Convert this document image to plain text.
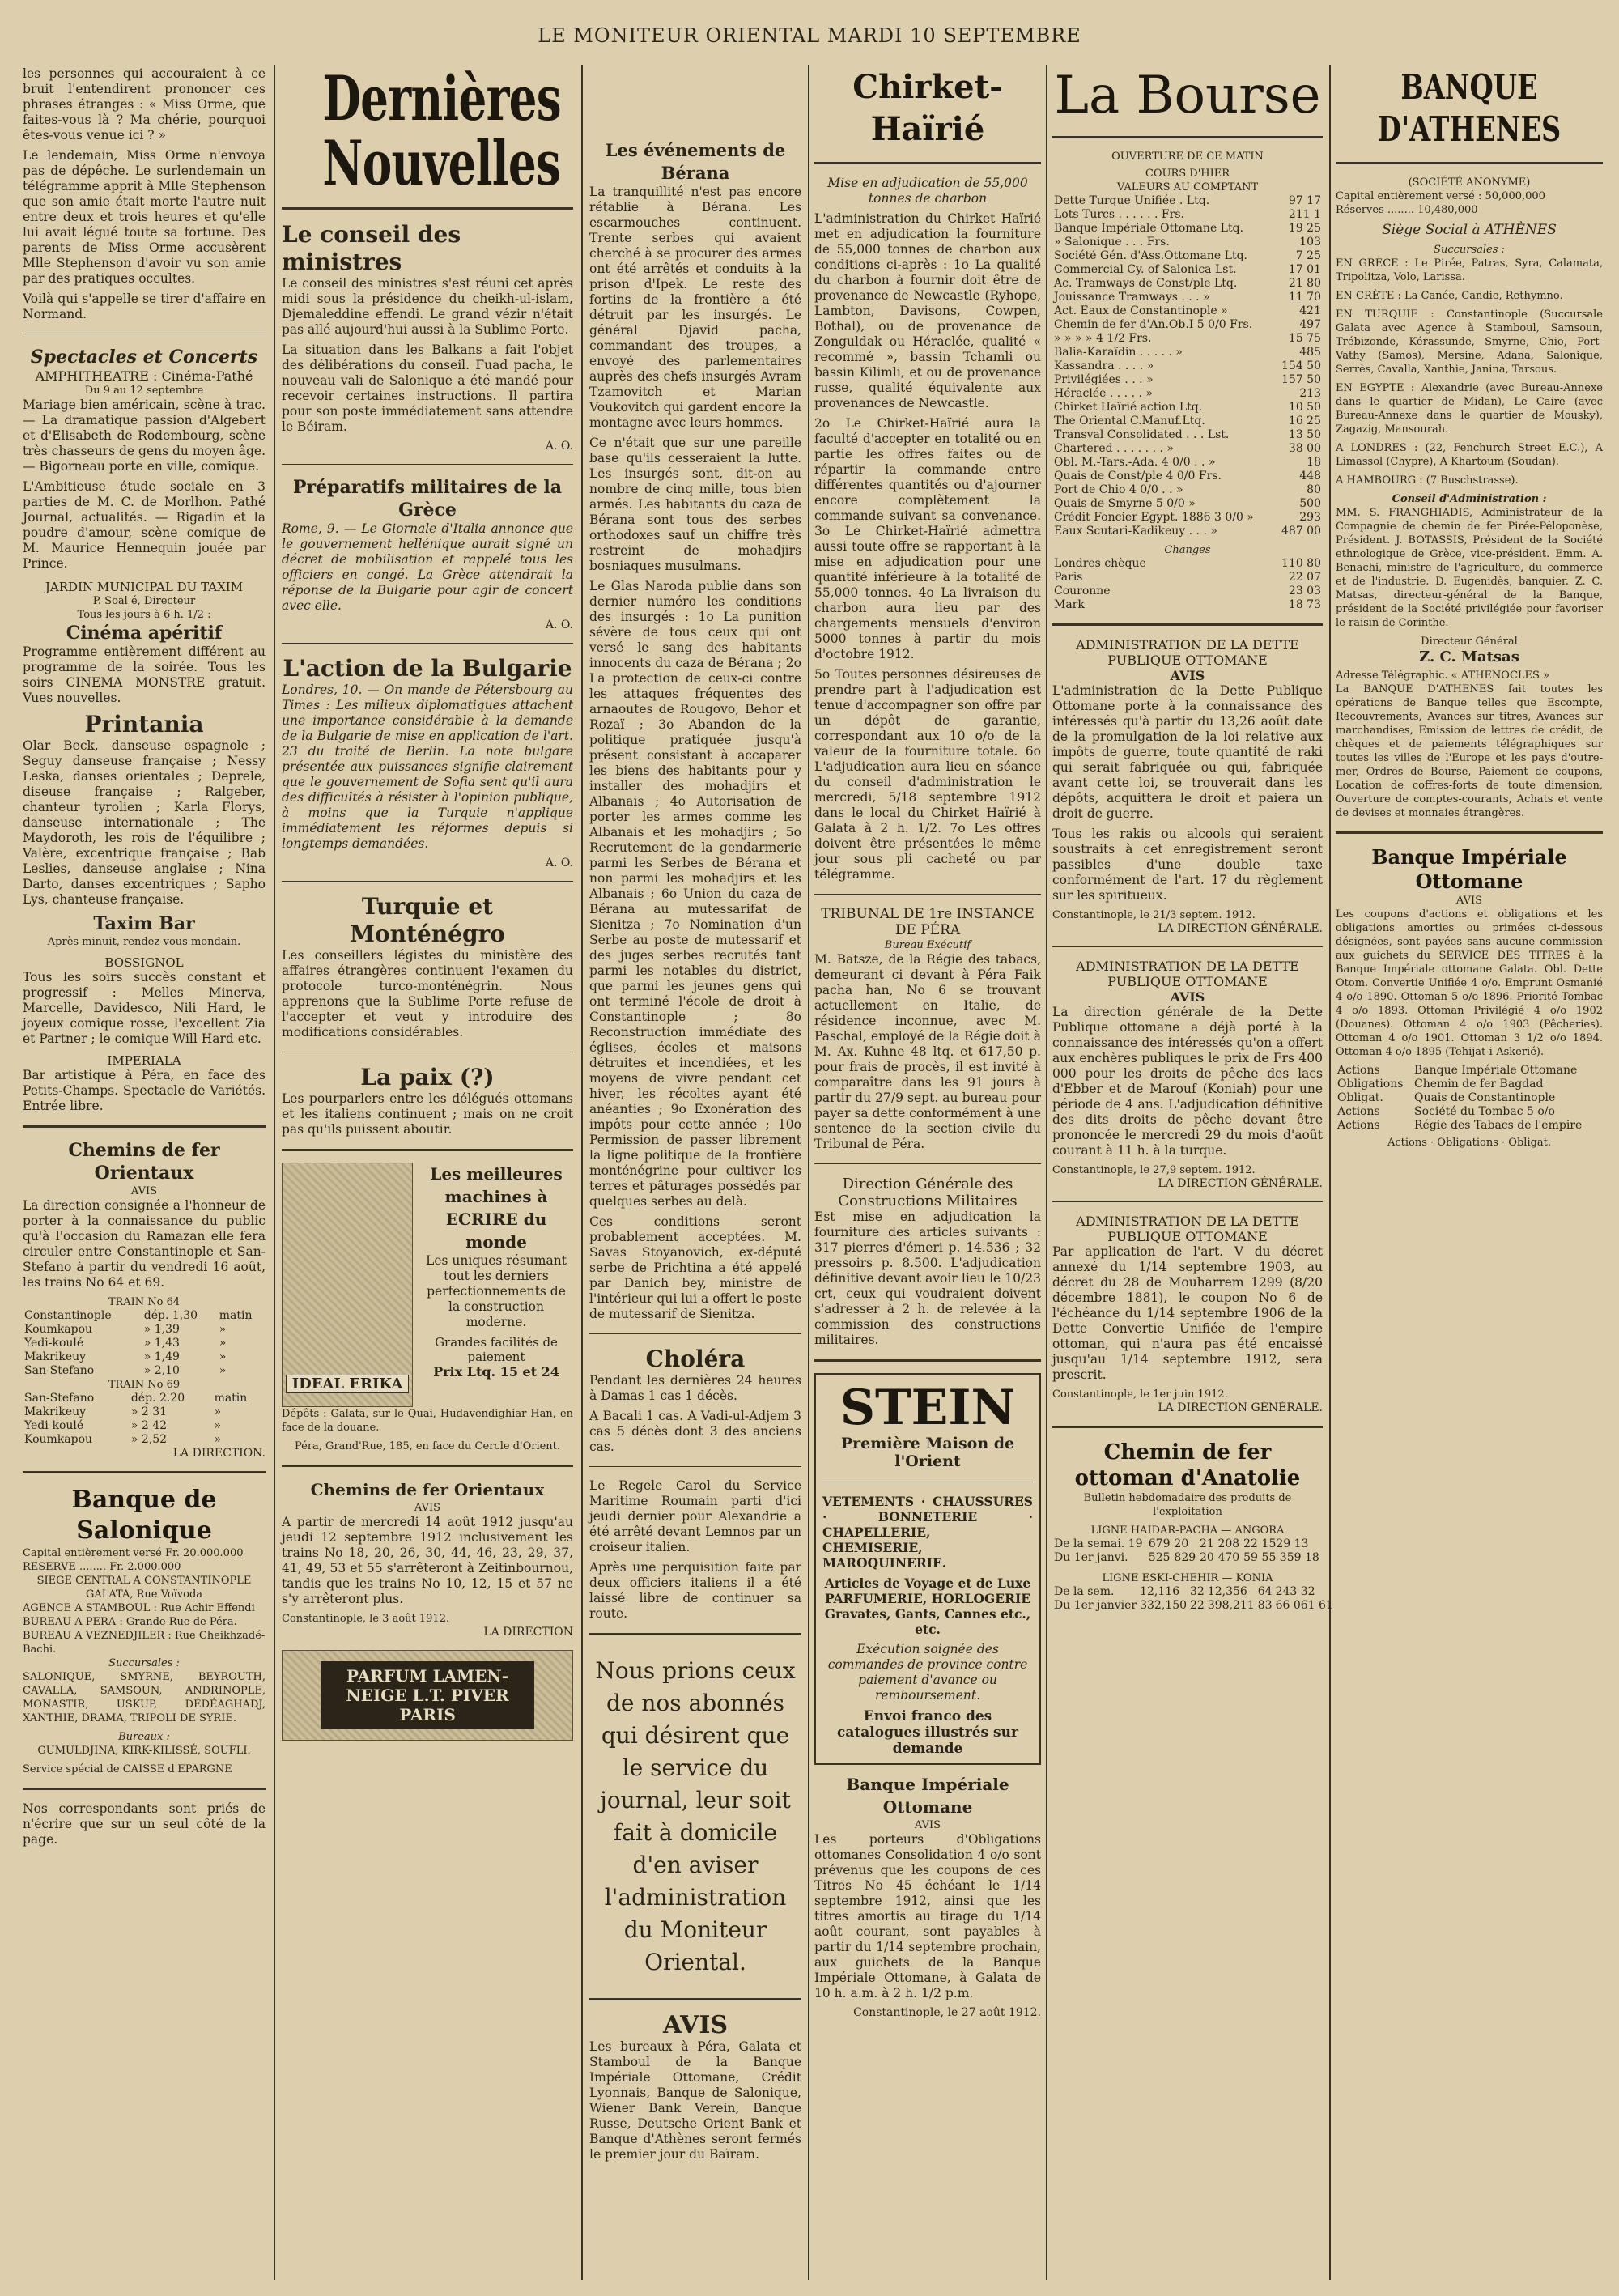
LE MONITEUR ORIENTAL MARDI 10 SEPTEMBRE

les personnes qui accouraient à ce bruit l'entendirent prononcer ces phrases étranges : « Miss Orme, que faites-vous là ? Ma chérie, pourquoi êtes-vous venue ici ? »

Le lendemain, Miss Orme n'envoya pas de dépêche. Le surlendemain un télégramme apprit à Mlle Stephenson que son amie était morte l'autre nuit entre deux et trois heures et qu'elle lui avait légué toute sa fortune. Des parents de Miss Orme accusèrent Mlle Stephenson d'avoir vu son amie par des pratiques occultes.

Voilà qui s'appelle se tirer d'affaire en Normand.

Spectacles et Concerts
AMPHITHEATRE : Cinéma-Pathé
Du 9 au 12 septembre

Mariage bien américain, scène à trac. — La dramatique passion d'Algebert et d'Elisabeth de Rodembourg, scène très chasseurs de gens du moyen âge. — Bigorneau porte en ville, comique.

L'Ambitieuse étude sociale en 3 parties de M. C. de Morlhon. Pathé Journal, actualités. — Rigadin et la poudre d'amour, scène comique de M. Maurice Hennequin jouée par Prince.

JARDIN MUNICIPAL DU TAXIM
P. Soal é, Directeur
Tous les jours à 6 h. 1/2 :
Cinéma apéritif

Programme entièrement différent au programme de la soirée. Tous les soirs CINEMA MONSTRE gratuit. Vues nouvelles.

Printania

Olar Beck, danseuse espagnole ; Seguy danseuse française ; Nessy Leska, danses orientales ; Deprele, diseuse française ; Ralgeber, chanteur tyrolien ; Karla Florys, danseuse internationale ; The Maydoroth, les rois de l'équilibre ; Valère, excentrique française ; Bab Leslies, danseuse anglaise ; Nina Darto, danses excentriques ; Sapho Lys, chanteuse française.

Taxim Bar
Après minuit, rendez-vous mondain.
BOSSIGNOL

Tous les soirs succès constant et progressif : Melles Minerva, Marcelle, Davidesco, Nili Hard, le joyeux comique rosse, l'excellent Zia et Partner ; le comique Will Hard etc.

IMPERIALA

Bar artistique à Péra, en face des Petits-Champs. Spectacle de Variétés. Entrée libre.

Chemins de fer Orientaux
AVIS

La direction consignée a l'honneur de porter à la connaissance du public qu'à l'occasion du Ramazan elle fera circuler entre Constantinople et San-Stefano à partir du vendredi 16 août, les trains No 64 et 69.

TRAIN No 64
Constantinople	dép. 1,30	matin
Koumkapou	» 1,39	»
Yedi-koulé	» 1,43	»
Makrikeuy	» 1,49	»
San-Stefano	» 2,10	»
TRAIN No 69
San-Stefano	dép. 2.20	matin
Makrikeuy	» 2 31	»
Yedi-koulé	» 2 42	»
Koumkapou	» 2,52	»
LA DIRECTION.
Banque de Salonique
Capital entièrement versé Fr. 20.000.000
RESERVE ........ Fr. 2.000.000
SIEGE CENTRAL A CONSTANTINOPLE
GALATA, Rue Voïvoda
AGENCE A STAMBOUL : Rue Achir Effendi
BUREAU A PERA : Grande Rue de Péra.
BUREAU A VEZNEDJILER : Rue Cheikhzadé-Bachi.
Succursales :

SALONIQUE, SMYRNE, BEYROUTH, CAVALLA, SAMSOUN, ANDRINOPLE, MONASTIR, USKUP, DÉDÉAGHADJ, XANTHIE, DRAMA, TRIPOLI DE SYRIE.

Bureaux :
GUMULDJINA, KIRK-KILISSÉ, SOUFLI.
Service spécial de CAISSE d'EPARGNE

Nos correspondants sont priés de n'écrire que sur un seul côté de la page.

Dernières Nouvelles
Le conseil des ministres

Le conseil des ministres s'est réuni cet après midi sous la présidence du cheikh-ul-islam, Djemaleddine effendi. Le grand vézir n'était pas allé aujourd'hui aussi à la Sublime Porte.

La situation dans les Balkans a fait l'objet des délibérations du conseil. Fuad pacha, le nouveau vali de Salonique a été mandé pour recevoir certaines instructions. Il partira pour son poste immédiatement sans attendre le Béiram.

A. O.
Préparatifs militaires de la Grèce

Rome, 9. — Le Giornale d'Italia annonce que le gouvernement hellénique aurait signé un décret de mobilisation et rappelé tous les officiers en congé. La Grèce attendrait la réponse de la Bulgarie pour agir de concert avec elle.

A. O.
L'action de la Bulgarie

Londres, 10. — On mande de Pétersbourg au Times : Les milieux diplomatiques attachent une importance considérable à la demande de la Bulgarie de mise en application de l'art. 23 du traité de Berlin. La note bulgare présentée aux puissances signifie clairement que le gouvernement de Sofia sent qu'il aura des difficultés à résister à l'opinion publique, à moins que la Turquie n'applique immédiatement les réformes depuis si longtemps demandées.

A. O.
Turquie et Monténégro

Les conseillers légistes du ministère des affaires étrangères continuent l'examen du protocole turco-monténégrin. Nous apprenons que la Sublime Porte refuse de l'accepter et veut y introduire des modifications considérables.

La paix (?)

Les pourparlers entre les délégués ottomans et les italiens continuent ; mais on ne croit pas qu'ils puissent aboutir.

IDEAL ERIKA
Les meilleures machines à ECRIRE du monde

Les uniques résumant tout les derniers perfectionnements de la construction moderne.

Grandes facilités de paiement
Prix Ltq. 15 et 24

Dépôts : Galata, sur le Quai, Hudavendighiar Han, en face de la douane.

Péra, Grand'Rue, 185, en face du Cercle d'Orient.

Chemins de fer Orientaux
AVIS

A partir de mercredi 14 août 1912 jusqu'au jeudi 12 septembre 1912 inclusivement les trains No 18, 20, 26, 30, 44, 46, 23, 29, 37, 41, 49, 53 et 55 s'arrêteront à Zeitinbournou, tandis que les trains No 10, 12, 15 et 57 ne s'y arrêteront plus.

Constantinople, le 3 août 1912.
LA DIRECTION
PARFUM LAMEN-NEIGE L.T. PIVER PARIS
Les événements de Bérana

La tranquillité n'est pas encore rétablie à Bérana. Les escarmouches continuent. Trente serbes qui avaient cherché à se procurer des armes ont été arrêtés et conduits à la prison d'Ipek. Le reste des fortins de la frontière a été détruit par les insurgés. Le général Djavid pacha, commandant des troupes, a envoyé des parlementaires auprès des chefs insurgés Avram Tzamovitch et Marian Voukovitch qui gardent encore la montagne avec leurs hommes.

Ce n'était que sur une pareille base qu'ils cesseraient la lutte. Les insurgés sont, dit-on au nombre de cinq mille, tous bien armés. Les habitants du caza de Bérana sont tous des serbes orthodoxes sauf un chiffre très restreint de mohadjirs bosniaques musulmans.

Le Glas Naroda publie dans son dernier numéro les conditions des insurgés : 1o La punition sévère de tous ceux qui ont versé le sang des habitants innocents du caza de Bérana ; 2o La protection de ceux-ci contre les attaques fréquentes des arnaoutes de Rougovo, Behor et Rozaï ; 3o Abandon de la politique pratiquée jusqu'à présent consistant à accaparer les biens des habitants pour y installer des mohadjirs et Albanais ; 4o Autorisation de porter les armes comme les Albanais et les mohadjirs ; 5o Recrutement de la gendarmerie parmi les Serbes de Bérana et non parmi les mohadjirs et les Albanais ; 6o Union du caza de Bérana au mutessarifat de Sienitza ; 7o Nomination d'un Serbe au poste de mutessarif et des juges serbes recrutés tant parmi les notables du district, que parmi les jeunes gens qui ont terminé l'école de droit à Constantinople ; 8o Reconstruction immédiate des églises, écoles et maisons détruites et incendiées, et les moyens de vivre pendant cet hiver, les récoltes ayant été anéanties ; 9o Exonération des impôts pour cette année ; 10o Permission de passer librement la ligne politique de la frontière monténégrine pour cultiver les terres et pâturages possédés par quelques serbes au delà.

Ces conditions seront probablement acceptées. M. Savas Stoyanovich, ex-député serbe de Prichtina a été appelé par Danich bey, ministre de l'intérieur qui lui a offert le poste de mutessarif de Sienitza.

Choléra

Pendant les dernières 24 heures à Damas 1 cas 1 décès.

A Bacali 1 cas. A Vadi-ul-Adjem 3 cas 5 décès dont 3 des anciens cas.

Le Regele Carol du Service Maritime Roumain parti d'ici jeudi dernier pour Alexandrie a été arrêté devant Lemnos par un croiseur italien.

Après une perquisition faite par deux officiers italiens il a été laissé libre de continuer sa route.

Nous prions ceux de nos abonnés qui désirent que le service du journal, leur soit fait à domicile d'en aviser l'administration du Moniteur Oriental.
AVIS

Les bureaux à Péra, Galata et Stamboul de la Banque Impériale Ottomane, Crédit Lyonnais, Banque de Salonique, Wiener Bank Verein, Banque Russe, Deutsche Orient Bank et Banque d'Athènes seront fermés le premier jour du Baïram.

Chirket- Haïrié

Mise en adjudication de 55,000 tonnes de charbon

L'administration du Chirket Haïrié met en adjudication la fourniture de 55,000 tonnes de charbon aux conditions ci-après : 1o La qualité du charbon à fournir doit être de provenance de Newcastle (Ryhope, Lambton, Davisons, Cowpen, Bothal), ou de provenance de Zonguldak ou Héraclée, qualité « recommé », bassin Tchamli ou bassin Kilimli, et ou de provenance russe, qualité équivalente aux provenances de Newcastle.

2o Le Chirket-Haïrié aura la faculté d'accepter en totalité ou en partie les offres faites ou de répartir la commande entre différentes quantités ou d'ajourner encore complètement la commande suivant sa convenance. 3o Le Chirket-Haïrié admettra aussi toute offre se rapportant à la mise en adjudication pour une quantité inférieure à la totalité de 55,000 tonnes. 4o La livraison du charbon aura lieu par des chargements mensuels d'environ 5000 tonnes à partir du mois d'octobre 1912.

5o Toutes personnes désireuses de prendre part à l'adjudication est tenue d'accompagner son offre par un dépôt de garantie, correspondant aux 10 o/o de la valeur de la fourniture totale. 6o L'adjudication aura lieu en séance du conseil d'administration le mercredi, 5/18 septembre 1912 dans le local du Chirket Haïrié à Galata à 2 h. 1/2. 7o Les offres doivent être présentées le même jour sous pli cacheté ou par télégramme.

TRIBUNAL DE 1re INSTANCE DE PÉRA
Bureau Exécutif

M. Batsze, de la Régie des tabacs, demeurant ci devant à Péra Faik pacha han, No 6 se trouvant actuellement en Italie, de résidence inconnue, avec M. Paschal, employé de la Régie doit à M. Ax. Kuhne 48 ltq. et 617,50 p. pour frais de procès, il est invité à comparaître dans les 91 jours à partir du 27/9 sept. au bureau pour payer sa dette conformément à une sentence de la section civile du Tribunal de Péra.

Direction Générale des Constructions Militaires

Est mise en adjudication la fourniture des articles suivants : 317 pierres d'émeri p. 14.536 ; 32 pressoirs p. 8.500. L'adjudication définitive devant avoir lieu le 10/23 crt, ceux qui voudraient doivent s'adresser à 2 h. de relevée à la commission des constructions militaires.

STEIN
Première Maison de l'Orient

VETEMENTS · CHAUSSURES · BONNETERIE · CHAPELLERIE, CHEMISERIE, MAROQUINERIE.

Articles de Voyage et de Luxe PARFUMERIE, HORLOGERIE Gravates, Gants, Cannes etc., etc.

Exécution soignée des commandes de province contre paiement d'avance ou remboursement.

Envoi franco des catalogues illustrés sur demande
Banque Impériale Ottomane
AVIS

Les porteurs d'Obligations ottomanes Consolidation 4 o/o sont prévenus que les coupons de ces Titres No 45 échéant le 1/14 septembre 1912, ainsi que les titres amortis au tirage du 1/14 août courant, sont payables à partir du 1/14 septembre prochain, aux guichets de la Banque Impériale Ottomane, à Galata de 10 h. a.m. à 2 h. 1/2 p.m.

Constantinople, le 27 août 1912.
La Bourse
OUVERTURE DE CE MATIN
COURS D'HIER
VALEURS AU COMPTANT
Dette Turque Unifiée . Ltq.	97 17
Lots Turcs . . . . . . Frs.	211 1
Banque Impériale Ottomane Ltq.	19 25
» Salonique . . . Frs.	103
Société Gén. d'Ass.Ottomane Ltq.	7 25
Commercial Cy. of Salonica Lst.	17 01
Ac. Tramways de Const/ple Ltq.	21 80
Jouissance Tramways . . . »	11 70
Act. Eaux de Constantinople »	421
Chemin de fer d'An.Ob.I 5 0/0 Frs.	497
» » » » 4 1/2 Frs.	15 75
Balia-Karaïdin . . . . . »	485
Kassandra . . . . »	154 50
Privilégiées . . . »	157 50
Héraclée . . . . . »	213
Chirket Haïrié action Ltq.	10 50
The Oriental C.Manuf.Ltq.	16 25
Transval Consolidated . . . Lst.	13 50
Chartered . . . . . . . »	38 00
Obl. M.-Tars.-Ada. 4 0/0 . . »	18
Quais de Const/ple 4 0/0 Frs.	448
Port de Chio 4 0/0 . . »	80
Quais de Smyrne 5 0/0 »	500
Crédit Foncier Egypt. 1886 3 0/0 »	293
Eaux Scutari-Kadikeuy . . . »	487 00
Changes
Londres chèque	110 80
Paris	22 07
Couronne	23 03
Mark	18 73
ADMINISTRATION DE LA DETTE PUBLIQUE OTTOMANE
AVIS

L'administration de la Dette Publique Ottomane porte à la connaissance des intéressés qu'à partir du 13,26 août date de la promulgation de la loi relative aux impôts de guerre, toute quantité de raki qui serait fabriquée ou qui, fabriquée avant cette loi, se trouverait dans les dépôts, acquittera le droit et paiera un droit de guerre.

Tous les rakis ou alcools qui seraient soustraits à cet enregistrement seront passibles d'une double taxe conformément de l'art. 17 du règlement sur les spiritueux.

Constantinople, le 21/3 septem. 1912.
LA DIRECTION GÉNÉRALE.
ADMINISTRATION DE LA DETTE PUBLIQUE OTTOMANE
AVIS

La direction générale de la Dette Publique ottomane a déjà porté à la connaissance des intéressés qu'on a offert aux enchères publiques le prix de Frs 400 000 pour les droits de pêche des lacs d'Ebber et de Marouf (Koniah) pour une période de 4 ans. L'adjudication définitive des dits droits de pêche devant être prononcée le mercredi 29 du mois d'août courant à 11 h. à la turque.

Constantinople, le 27,9 septem. 1912.
LA DIRECTION GÉNÉRALE.
ADMINISTRATION DE LA DETTE PUBLIQUE OTTOMANE

Par application de l'art. V du décret annexé du 1/14 septembre 1903, au décret du 28 de Mouharrem 1299 (8/20 décembre 1881), le coupon No 6 de l'échéance du 1/14 septembre 1906 de la Dette Convertie Unifiée de l'empire ottoman, qui n'aura pas été encaissé jusqu'au 1/14 septembre 1912, sera prescrit.

Constantinople, le 1er juin 1912.
LA DIRECTION GÉNÉRALE.
Chemin de fer ottoman d'Anatolie
Bulletin hebdomadaire des produits de l'exploitation
LIGNE HAIDAR-PACHA — ANGORA
De la semai. 19	679	20	21	208	22	1529 13
Du 1er janvi.	525	829	20	470	59	55 359 18
LIGNE ESKI-CHEHIR — KONIA
De la sem.	12,116	32	12,356	64	243 32
Du 1er janvier	332,150	22	398,211	83	66 061 61
BANQUE D'ATHENES
(SOCIÉTÉ ANONYME)
Capital entièrement versé : 50,000,000
Réserves ........ 10,480,000
Siège Social à ATHÈNES
Succursales :

EN GRÈCE : Le Pirée, Patras, Syra, Calamata, Tripolitza, Volo, Larissa.

EN CRÈTE : La Canée, Candie, Rethymno.

EN TURQUIE : Constantinople (Succursale Galata avec Agence à Stamboul, Samsoun, Trébizonde, Kérassunde, Smyrne, Chio, Port-Vathy (Samos), Mersine, Adana, Salonique, Serrès, Cavalla, Xanthie, Janina, Tarsous.

EN EGYPTE : Alexandrie (avec Bureau-Annexe dans le quartier de Midan), Le Caire (avec Bureau-Annexe dans le quartier de Mousky), Zagazig, Mansourah.

A LONDRES : (22, Fenchurch Street E.C.), A Limassol (Chypre), A Khartoum (Soudan).

A HAMBOURG : (7 Buschstrasse).

Conseil d'Administration :

MM. S. FRANGHIADIS, Administrateur de la Compagnie de chemin de fer Pirée-Péloponèse, Président. J. BOTASSIS, Président de la Société ethnologique de Grèce, vice-président. Emm. A. Benachi, ministre de l'agriculture, du commerce et de l'industrie. D. Eugenidès, banquier. Z. C. Matsas, directeur-général de la Banque, président de la Société privilégiée pour favoriser le raisin de Corinthe.

Directeur Général
Z. C. Matsas
Adresse Télégraphic. « ATHENOCLES »

La BANQUE D'ATHENES fait toutes les opérations de Banque telles que Escompte, Recouvrements, Avances sur titres, Avances sur marchandises, Emission de lettres de crédit, de chèques et de paiements télégraphiques sur toutes les villes de l'Europe et les pays d'outre-mer, Ordres de Bourse, Paiement de coupons, Location de coffres-forts de toute dimension, Ouverture de comptes-courants, Achats et vente de devises et monnaies étrangères.

Banque Impériale Ottomane
AVIS

Les coupons d'actions et obligations et les obligations amorties ou primées ci-dessous désignées, sont payées sans aucune commission aux guichets du SERVICE DES TITRES à la Banque Impériale ottomane Galata. Obl. Dette Otom. Convertie Unifiée 4 o/o. Emprunt Osmanié 4 o/o 1890. Ottoman 5 o/o 1896. Priorité Tombac 4 o/o 1893. Ottoman Privilégié 4 o/o 1902 (Douanes). Ottoman 4 o/o 1903 (Pêcheries). Ottoman 4 o/o 1901. Ottoman 3 1/2 o/o 1894. Ottoman 4 o/o 1895 (Tehijat-i-Askerié).

Actions	Banque Impériale Ottomane
Obligations	Chemin de fer Bagdad
Obligat.	Quais de Constantinople
Actions	Société du Tombac 5 o/o
Actions	Régie des Tabacs de l'empire
Actions · Obligations · Obligat.
